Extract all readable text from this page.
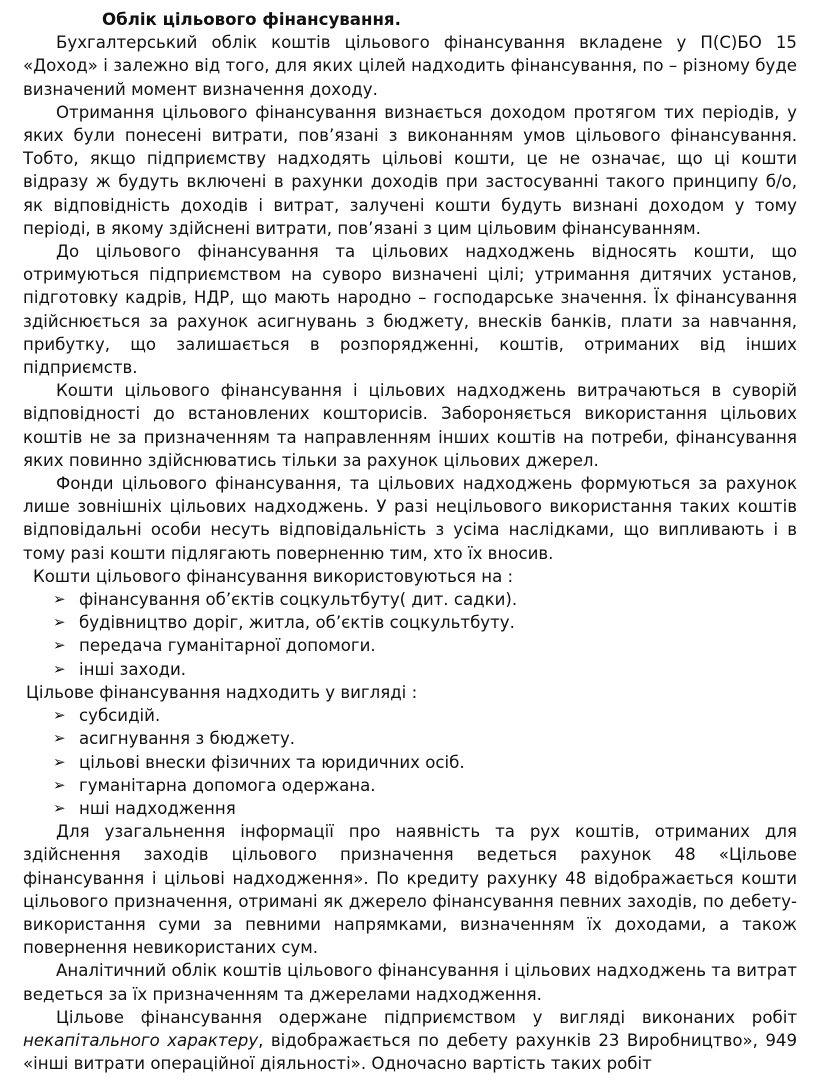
Облік цільового фінансування.

Бухгалтерський облік коштів цільового фінансування вкладене у П(С)БО 15 «Доход» і залежно від того, для яких цілей надходить фінансування, по – різному буде визначений момент визначення доходу.

Отримання цільового фінансування визнається доходом протягом тих періодів, у яких були понесені витрати, пов’язані з виконанням умов цільового фінансування. Тобто, якщо підприємству надходять цільові кошти, це не означає, що ці кошти відразу ж будуть включені в рахунки доходів при застосуванні такого принципу б/о, як відповідність доходів і витрат, залучені кошти будуть визнані доходом у тому періоді, в якому здійснені витрати, пов’язані з цим цільовим фінансуванням.

До цільового фінансування та цільових надходжень відносять кошти, що отримуються підприємством на суворо визначені цілі; утримання дитячих установ, підготовку кадрів, НДР, що мають народно – господарське значення. Їх фінансування здійснюється за рахунок асигнувань з бюджету, внесків банків, плати за навчання, прибутку, що залишається в розпорядженні, коштів, отриманих від інших підприємств.

Кошти цільового фінансування і цільових надходжень витрачаються в суворій відповідності до встановлених кошторисів. Забороняється використання цільових коштів не за призначенням та направленням інших коштів на потреби, фінансування яких повинно здійснюватись тільки за рахунок цільових джерел.

Фонди цільового фінансування, та цільових надходжень формуються за рахунок лише зовнішніх цільових надходжень. У разі нецільового використання таких коштів відповідальні особи несуть відповідальність з усіма наслідками, що випливають і в тому разі кошти підлягають поверненню тим, хто їх вносив.

Кошти цільового фінансування використовуються на :

➢ фінансування об’єктів соцкультбуту( дит. садки).
➢ будівництво доріг, житла, об’єктів соцкультбуту.
➢ передача гуманітарної допомоги.
➢ інші заходи.

Цільове фінансування надходить у вигляді :

➢ субсидій.
➢ асигнування з бюджету.
➢ цільові внески фізичних та юридичних осіб.
➢ гуманітарна допомога одержана.
➢ нші надходження

Для узагальнення інформації про наявність та рух коштів, отриманих для здійснення заходів цільового призначення ведеться рахунок 48 «Цільове фінансування і цільові надходження». По кредиту рахунку 48 відображається кошти цільового призначення, отримані як джерело фінансування певних заходів, по дебету- використання суми за певними напрямками, визначенням їх доходами, а також повернення невикористаних сум.

Аналітичний облік коштів цільового фінансування і цільових надходжень та витрат ведеться за їх призначенням та джерелами надходження.

Цільове фінансування одержане підприємством у вигляді виконаних робіт некапітального характеру, відображається по дебету рахунків 23 Виробництво», 949 «інші витрати операційної діяльності». Одночасно вартість таких робіт
